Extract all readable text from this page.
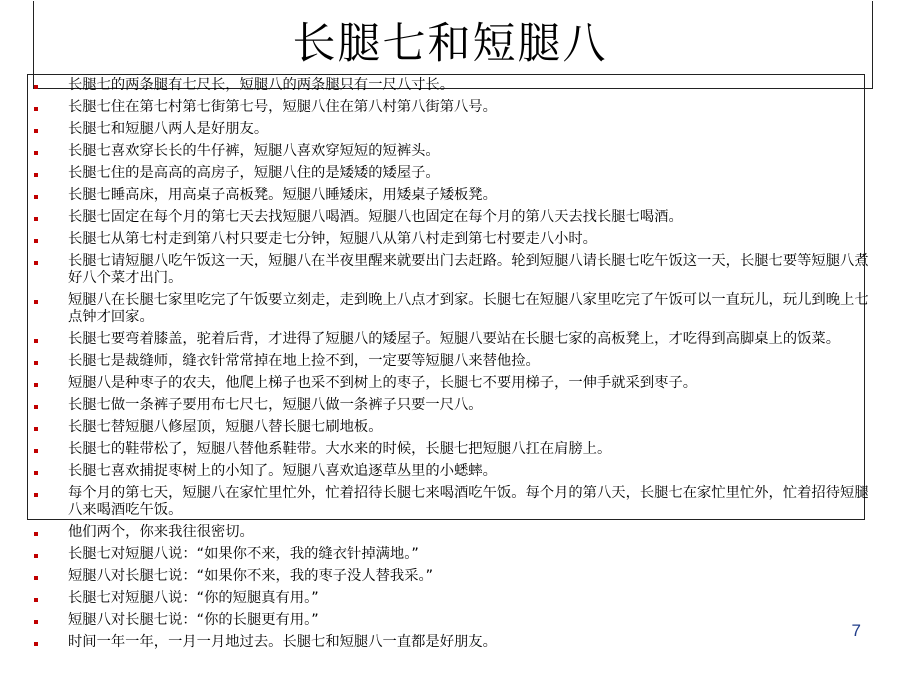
长腿七和短腿八
长腿七的两条腿有七尺长，短腿八的两条腿只有一尺八寸长。
长腿七住在第七村第七街第七号，短腿八住在第八村第八街第八号。
长腿七和短腿八两人是好朋友。
长腿七喜欢穿长长的牛仔裤，短腿八喜欢穿短短的短裤头。
长腿七住的是高高的高房子，短腿八住的是矮矮的矮屋子。
长腿七睡高床，用高桌子高板凳。短腿八睡矮床，用矮桌子矮板凳。
长腿七固定在每个月的第七天去找短腿八喝酒。短腿八也固定在每个月的第八天去找长腿七喝酒。
长腿七从第七村走到第八村只要走七分钟，短腿八从第八村走到第七村要走八小时。
长腿七请短腿八吃午饭这一天，短腿八在半夜里醒来就要出门去赶路。轮到短腿八请长腿七吃午饭这一天，长腿七要等短腿八煮好八个菜才出门。
短腿八在长腿七家里吃完了午饭要立刻走，走到晚上八点才到家。长腿七在短腿八家里吃完了午饭可以一直玩儿，玩儿到晚上七点钟才回家。
长腿七要弯着膝盖，驼着后背，才进得了短腿八的矮屋子。短腿八要站在长腿七家的高板凳上，才吃得到高脚桌上的饭菜。
长腿七是裁缝师，缝衣针常常掉在地上捡不到，一定要等短腿八来替他捡。
短腿八是种枣子的农夫，他爬上梯子也采不到树上的枣子，长腿七不要用梯子，一伸手就采到枣子。
长腿七做一条裤子要用布七尺七，短腿八做一条裤子只要一尺八。
长腿七替短腿八修屋顶，短腿八替长腿七刷地板。
长腿七的鞋带松了，短腿八替他系鞋带。大水来的时候，长腿七把短腿八扛在肩膀上。
长腿七喜欢捕捉枣树上的小知了。短腿八喜欢追逐草丛里的小蟋蟀。
每个月的第七天，短腿八在家忙里忙外，忙着招待长腿七来喝酒吃午饭。每个月的第八天，长腿七在家忙里忙外，忙着招待短腿八来喝酒吃午饭。
他们两个，你来我往很密切。
长腿七对短腿八说：“如果你不来，我的缝衣针掉满地。”
短腿八对长腿七说：“如果你不来，我的枣子没人替我采。”
长腿七对短腿八说：“你的短腿真有用。”
短腿八对长腿七说：“你的长腿更有用。”
时间一年一年，一月一月地过去。长腿七和短腿八一直都是好朋友。
7
